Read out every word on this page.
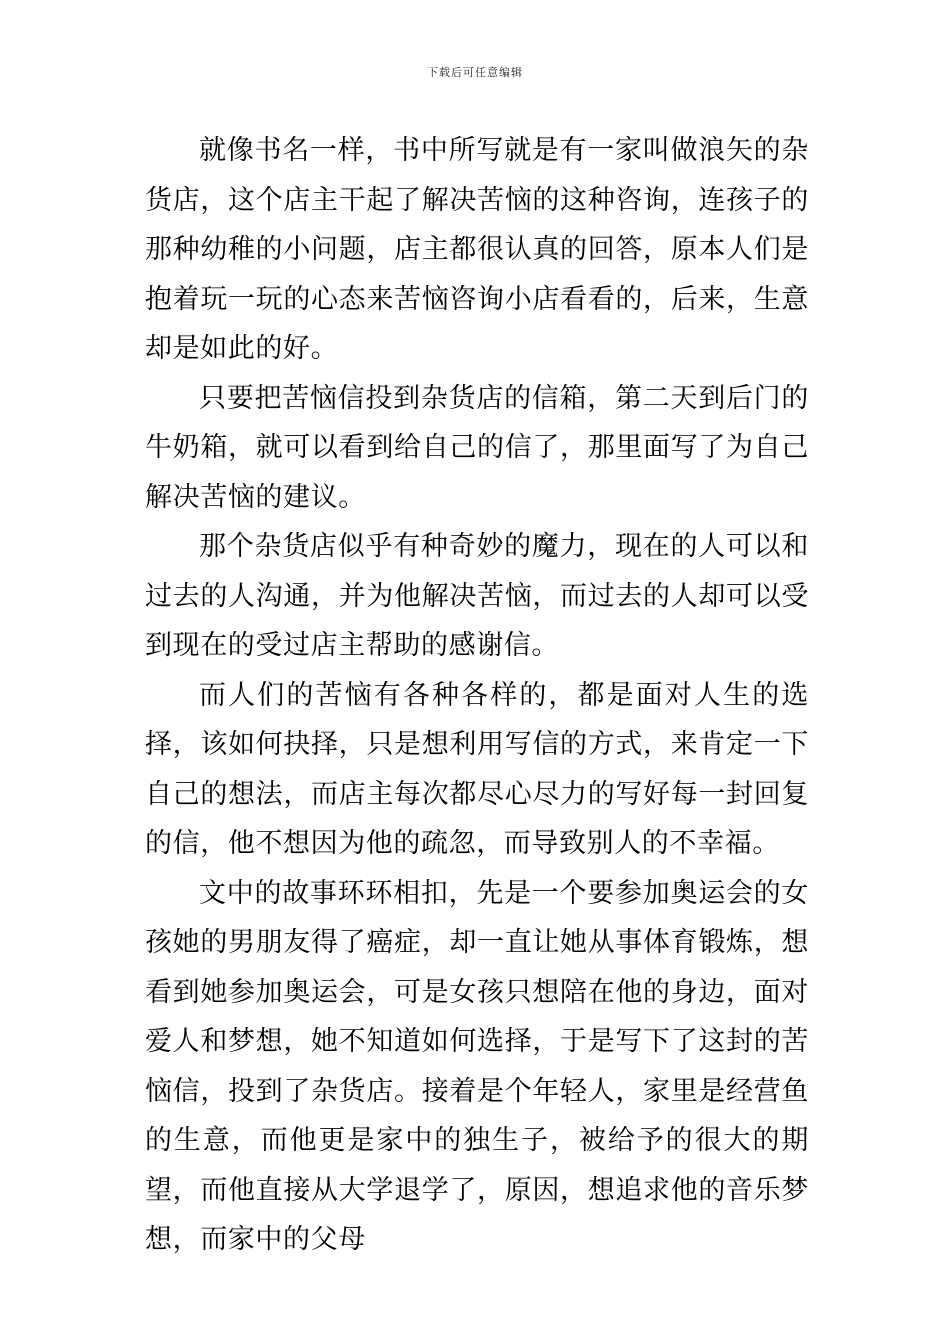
下载后可任意编辑

就像书名一样，书中所写就是有一家叫做浪矢的杂货店，这个店主干起了解决苦恼的这种咨询，连孩子的那种幼稚的小问题，店主都很认真的回答，原本人们是抱着玩一玩的心态来苦恼咨询小店看看的，后来，生意却是如此的好。

只要把苦恼信投到杂货店的信箱，第二天到后门的牛奶箱，就可以看到给自己的信了，那里面写了为自己解决苦恼的建议。

那个杂货店似乎有种奇妙的魔力，现在的人可以和过去的人沟通，并为他解决苦恼，而过去的人却可以受到现在的受过店主帮助的感谢信。

而人们的苦恼有各种各样的，都是面对人生的选择，该如何抉择，只是想利用写信的方式，来肯定一下自己的想法，而店主每次都尽心尽力的写好每一封回复的信，他不想因为他的疏忽，而导致别人的不幸福。

文中的故事环环相扣，先是一个要参加奥运会的女孩她的男朋友得了癌症，却一直让她从事体育锻炼，想看到她参加奥运会，可是女孩只想陪在他的身边，面对爱人和梦想，她不知道如何选择，于是写下了这封的苦恼信，投到了杂货店。接着是个年轻人，家里是经营鱼的生意，而他更是家中的独生子，被给予的很大的期望，而他直接从大学退学了，原因，想追求他的音乐梦想，而家中的父母
